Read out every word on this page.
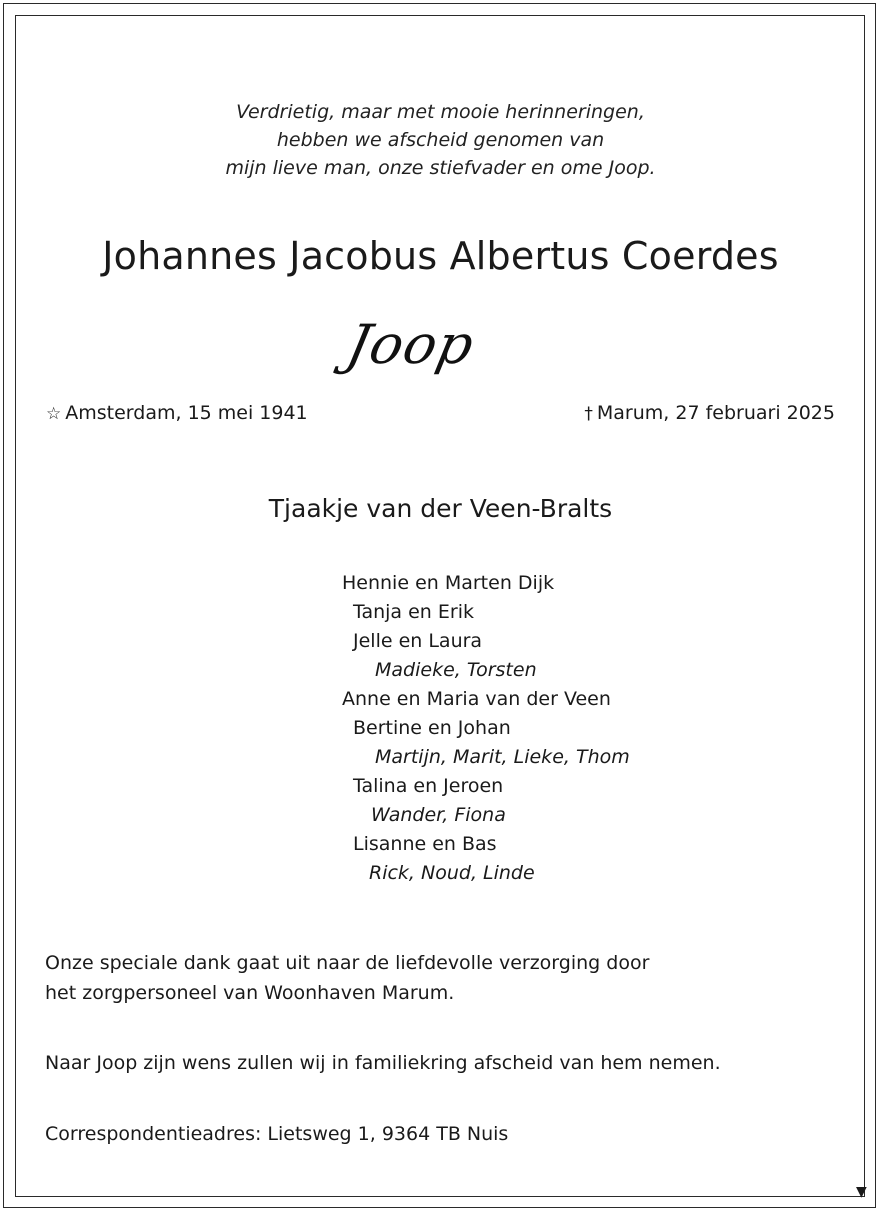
▼
Verdrietig, maar met mooie herinneringen,
hebben we afscheid genomen van
mijn lieve man, onze stiefvader en ome Joop.
Johannes Jacobus Albertus Coerdes
Joop
☆ Amsterdam, 15 mei 1941	† Marum, 27 februari 2025
Tjaakje van der Veen-Bralts
Hennie en Marten Dijk
Tanja en Erik
Jelle en Laura
Madieke, Torsten
Anne en Maria van der Veen
Bertine en Johan
Martijn, Marit, Lieke, Thom
Talina en Jeroen
Wander, Fiona
Lisanne en Bas
Rick, Noud, Linde
Onze speciale dank gaat uit naar de liefdevolle verzorging door
het zorgpersoneel van Woonhaven Marum.
Naar Joop zijn wens zullen wij in familiekring afscheid van hem nemen.
Correspondentieadres: Lietsweg 1, 9364 TB Nuis
